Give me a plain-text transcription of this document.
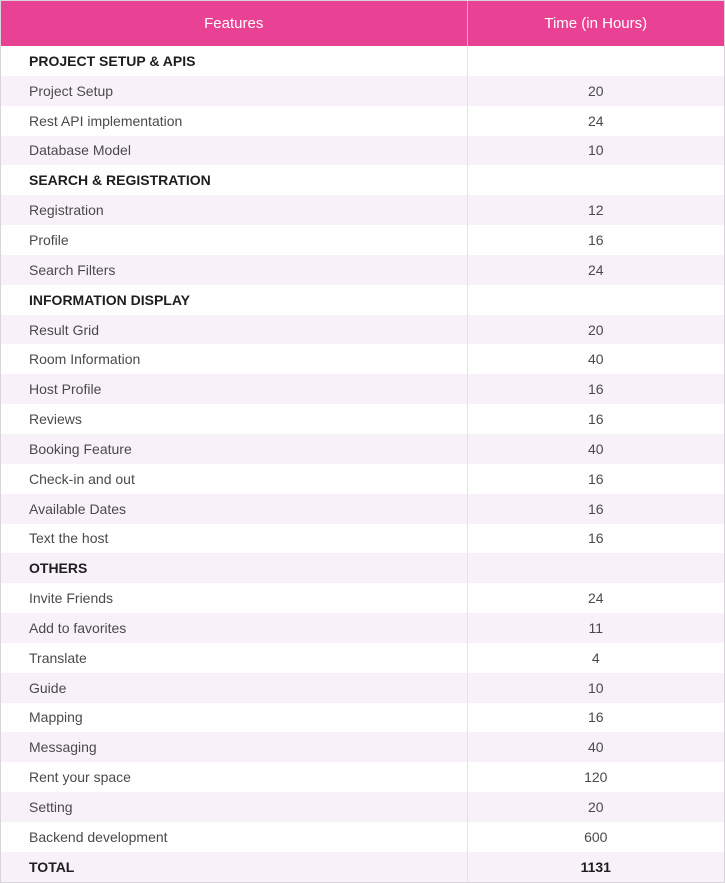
Features	Time (in Hours)
PROJECT SETUP & APIS	
Project Setup	20
Rest API implementation	24
Database Model	10
SEARCH & REGISTRATION	
Registration	12
Profile	16
Search Filters	24
INFORMATION DISPLAY	
Result Grid	20
Room Information	40
Host Profile	16
Reviews	16
Booking Feature	40
Check-in and out	16
Available Dates	16
Text the host	16
OTHERS	
Invite Friends	24
Add to favorites	11
Translate	4
Guide	10
Mapping	16
Messaging	40
Rent your space	120
Setting	20
Backend development	600
TOTAL	1131
